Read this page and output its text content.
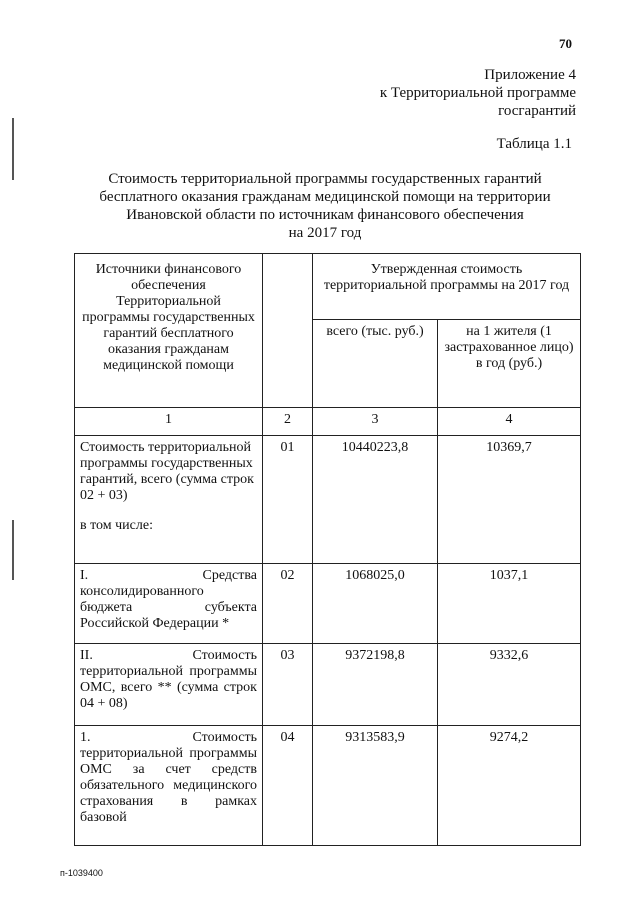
70
Приложение 4
к Территориальной программе
госгарантий
Таблица 1.1
Стоимость территориальной программы государственных гарантий
бесплатного оказания гражданам медицинской помощи на территории
Ивановской области по источникам финансового обеспечения
на 2017 год
Источники финансового обеспечения Территориальной программы государственных гарантий бесплатного оказания гражданам медицинской помощи		Утвержденная стоимость территориальной программы на 2017 год	
		всего (тыс. руб.)	на 1 жителя (1 застрахованное лицо) в год (руб.)
1	2	3	4

Стоимость территориальной программы государственных гарантий, всего (сумма строк 02 + 03)
в том числе:	01	10440223,8	10369,7
I. Средства консолидированного бюджета субъекта Российской Федерации *	02	1068025,0	1037,1
II. Стоимость территориальной программы ОМС, всего ** (сумма строк 04 + 08)	03	9372198,8	9332,6
1. Стоимость территориальной программы ОМС за счет средств обязательного медицинского страхования в рамках базовой	04	9313583,9	9274,2
п-1039400
